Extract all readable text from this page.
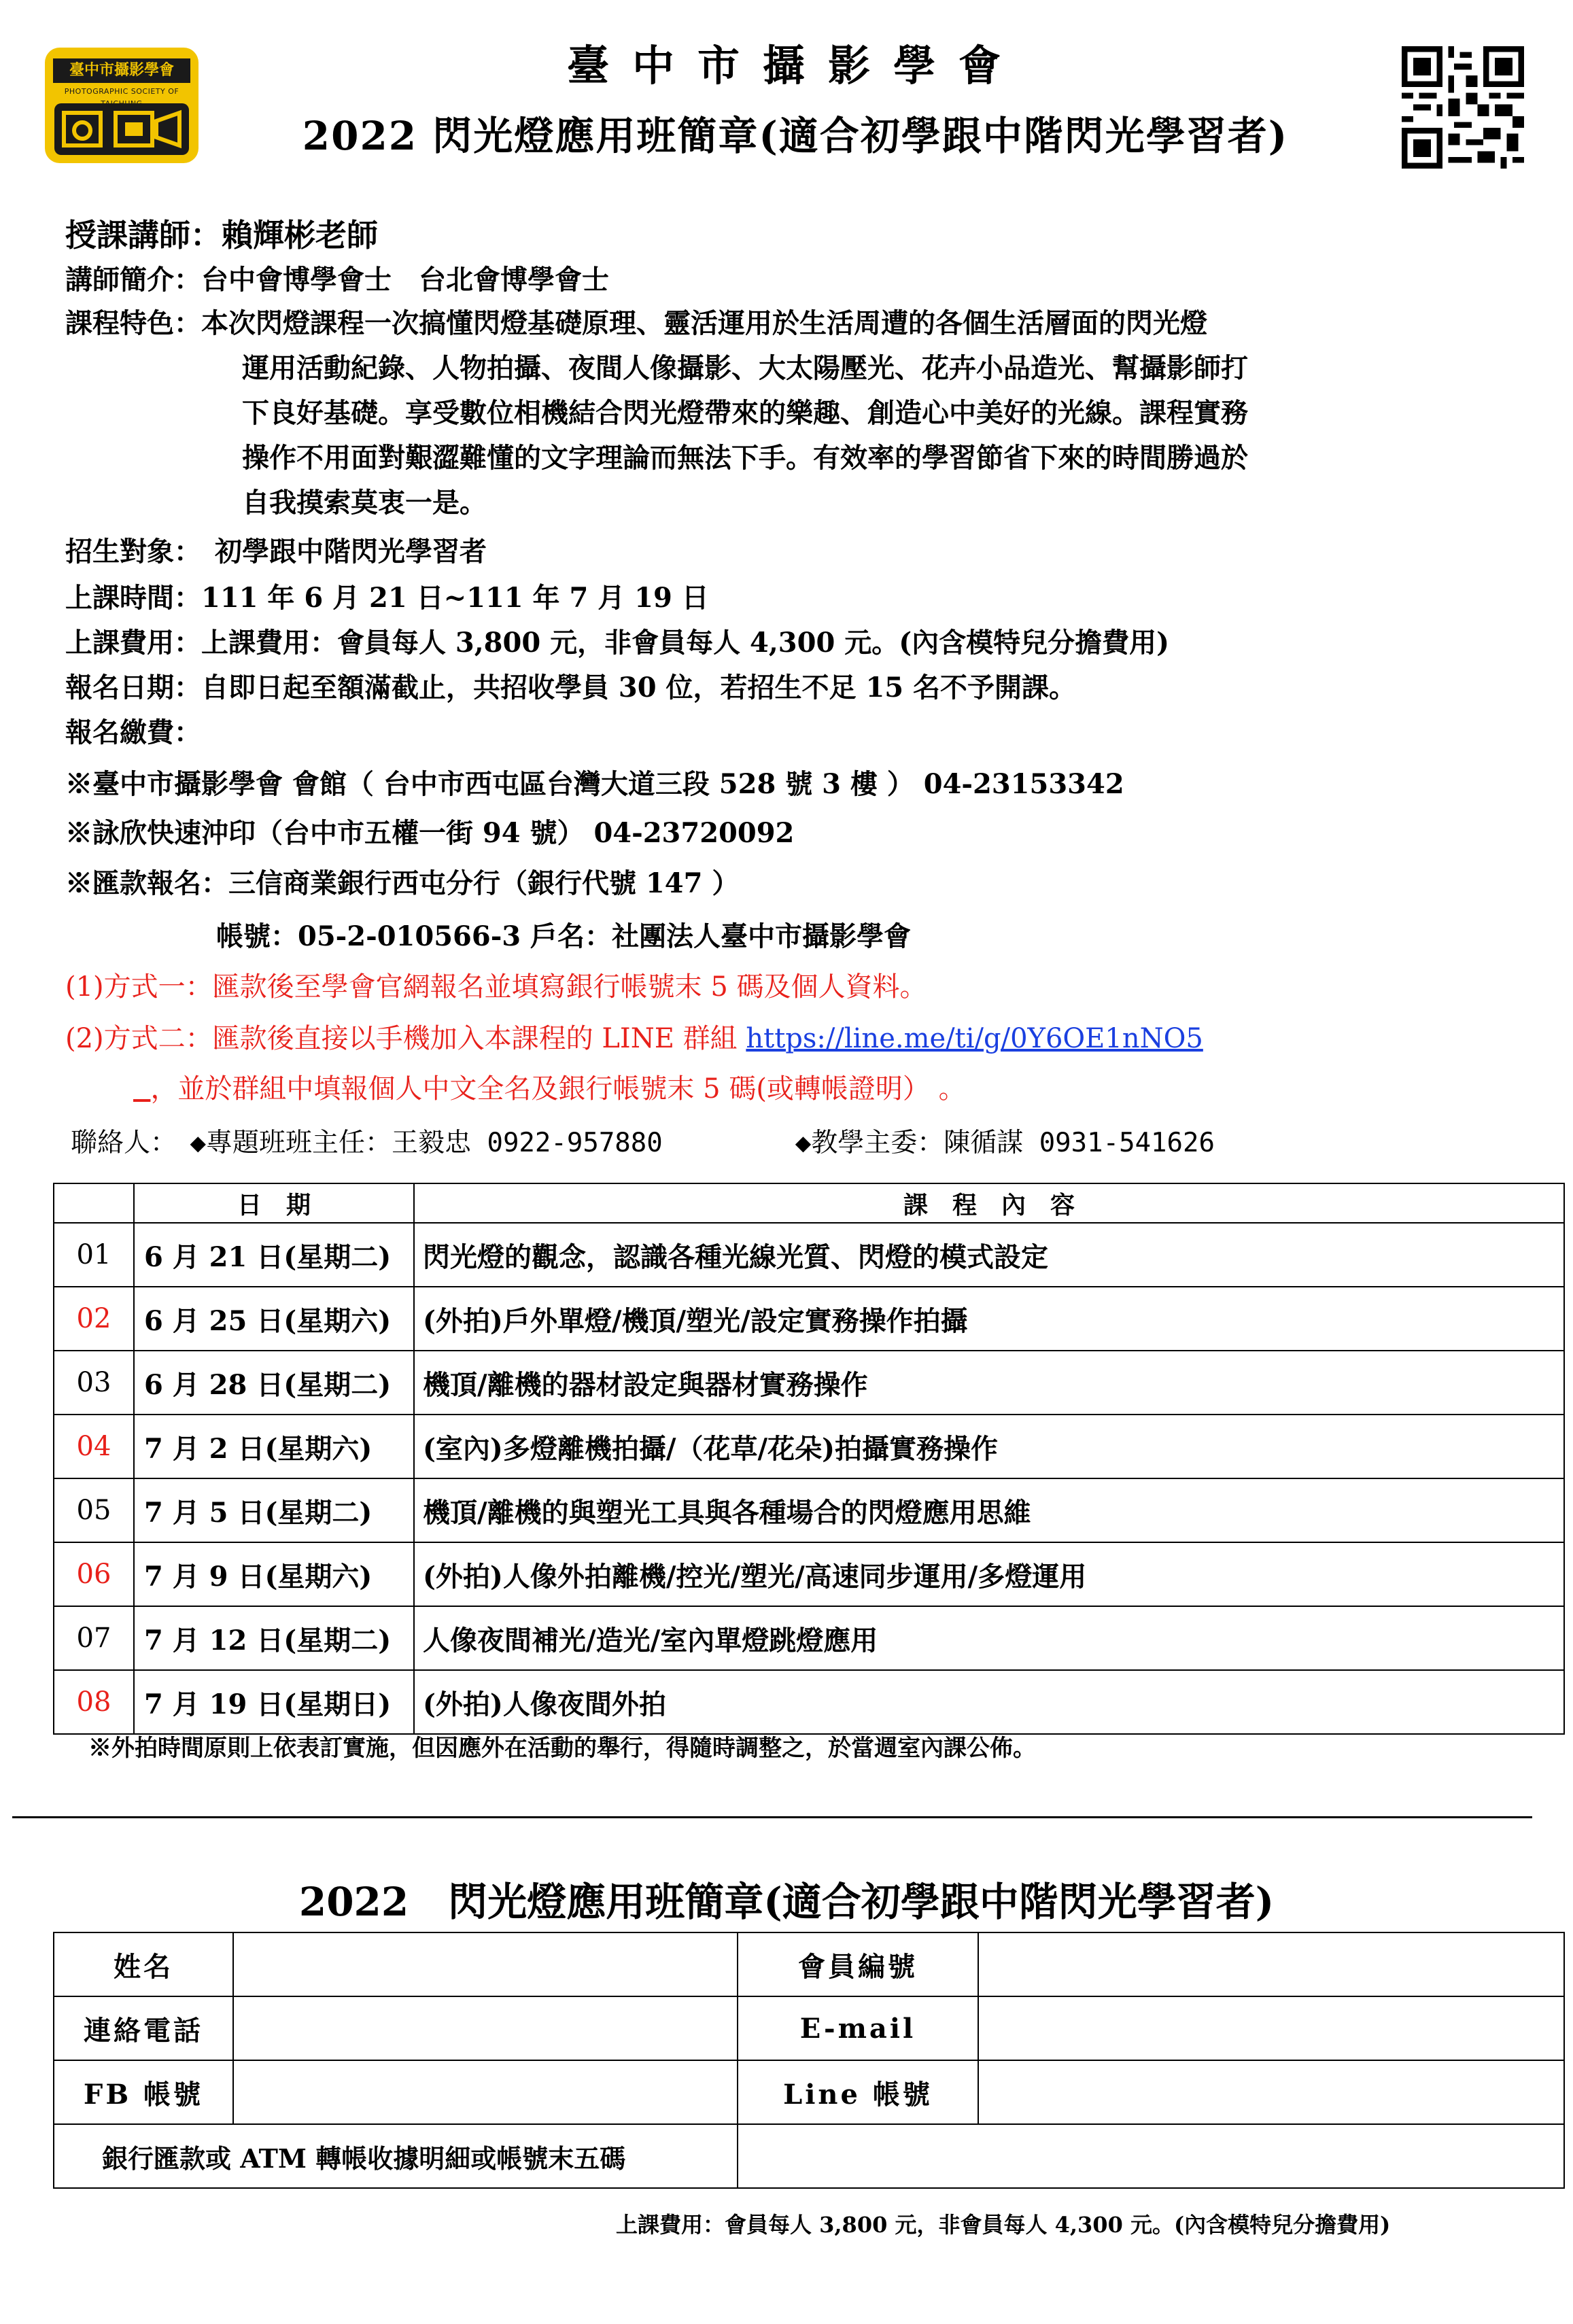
臺中市攝影學會
PHOTOGRAPHIC SOCIETY OF
臺中市攝影學會
2022 閃光燈應用班簡章(適合初學跟中階閃光學習者)
授課講師：賴輝彬老師
講師簡介：台中會博學會士　台北會博學會士
課程特色：本次閃燈課程一次搞懂閃燈基礎原理、靈活運用於生活周遭的各個生活層面的閃光燈
運用活動紀錄、人物拍攝、夜間人像攝影、大太陽壓光、花卉小品造光、幫攝影師打
下良好基礎。享受數位相機結合閃光燈帶來的樂趣、創造心中美好的光線。課程實務
操作不用面對艱澀難懂的文字理論而無法下手。有效率的學習節省下來的時間勝過於
自我摸索莫衷一是。
招生對象：　初學跟中階閃光學習者
上課時間：111 年 6 月 21 日~111 年 7 月 19 日
上課費用：上課費用：會員每人 3,800 元，非會員每人 4,300 元。(內含模特兒分擔費用)
報名日期：自即日起至額滿截止，共招收學員 30 位，若招生不足 15 名不予開課。
報名繳費：
※臺中市攝影學會 會館（ 台中市西屯區台灣大道三段 528 號 3 樓 ） 04-23153342
※詠欣快速沖印（台中市五權一街 94 號） 04-23720092
※匯款報名：三信商業銀行西屯分行（銀行代號 147 ）
帳號：05-2-010566-3 戶名：社團法人臺中市攝影學會
(1)方式一：匯款後至學會官網報名並填寫銀行帳號末 5 碼及個人資料。
(2)方式二：匯款後直接以手機加入本課程的 LINE 群組 https://line.me/ti/g/0Y6OE1nNO5
，並於群組中填報個人中文全名及銀行帳號末 5 碼(或轉帳證明） 。
聯絡人：　◆專題班班主任：王毅忠 0922-957880　　　　　◆教學主委：陳循謀 0931-541626
	日　期	課　程　內　容
01	6 月 21 日(星期二)	閃光燈的觀念，認識各種光線光質、閃燈的模式設定
02	6 月 25 日(星期六)	(外拍)戶外單燈/機頂/塑光/設定實務操作拍攝
03	6 月 28 日(星期二)	機頂/離機的器材設定與器材實務操作
04	7 月 2 日(星期六)	(室內)多燈離機拍攝/（花草/花朵)拍攝實務操作
05	7 月 5 日(星期二)	機頂/離機的與塑光工具與各種場合的閃燈應用思維
06	7 月 9 日(星期六)	(外拍)人像外拍離機/控光/塑光/高速同步運用/多燈運用
07	7 月 12 日(星期二)	人像夜間補光/造光/室內單燈跳燈應用
08	7 月 19 日(星期日)	(外拍)人像夜間外拍
※外拍時間原則上依表訂實施，但因應外在活動的舉行，得隨時調整之，於當週室內課公佈。
2022　閃光燈應用班簡章(適合初學跟中階閃光學習者)
姓名		會員編號	
連絡電話		E-mail	
FB 帳號		Line 帳號	
銀行匯款或 ATM 轉帳收據明細或帳號末五碼			
上課費用：會員每人 3,800 元，非會員每人 4,300 元。(內含模特兒分擔費用)
